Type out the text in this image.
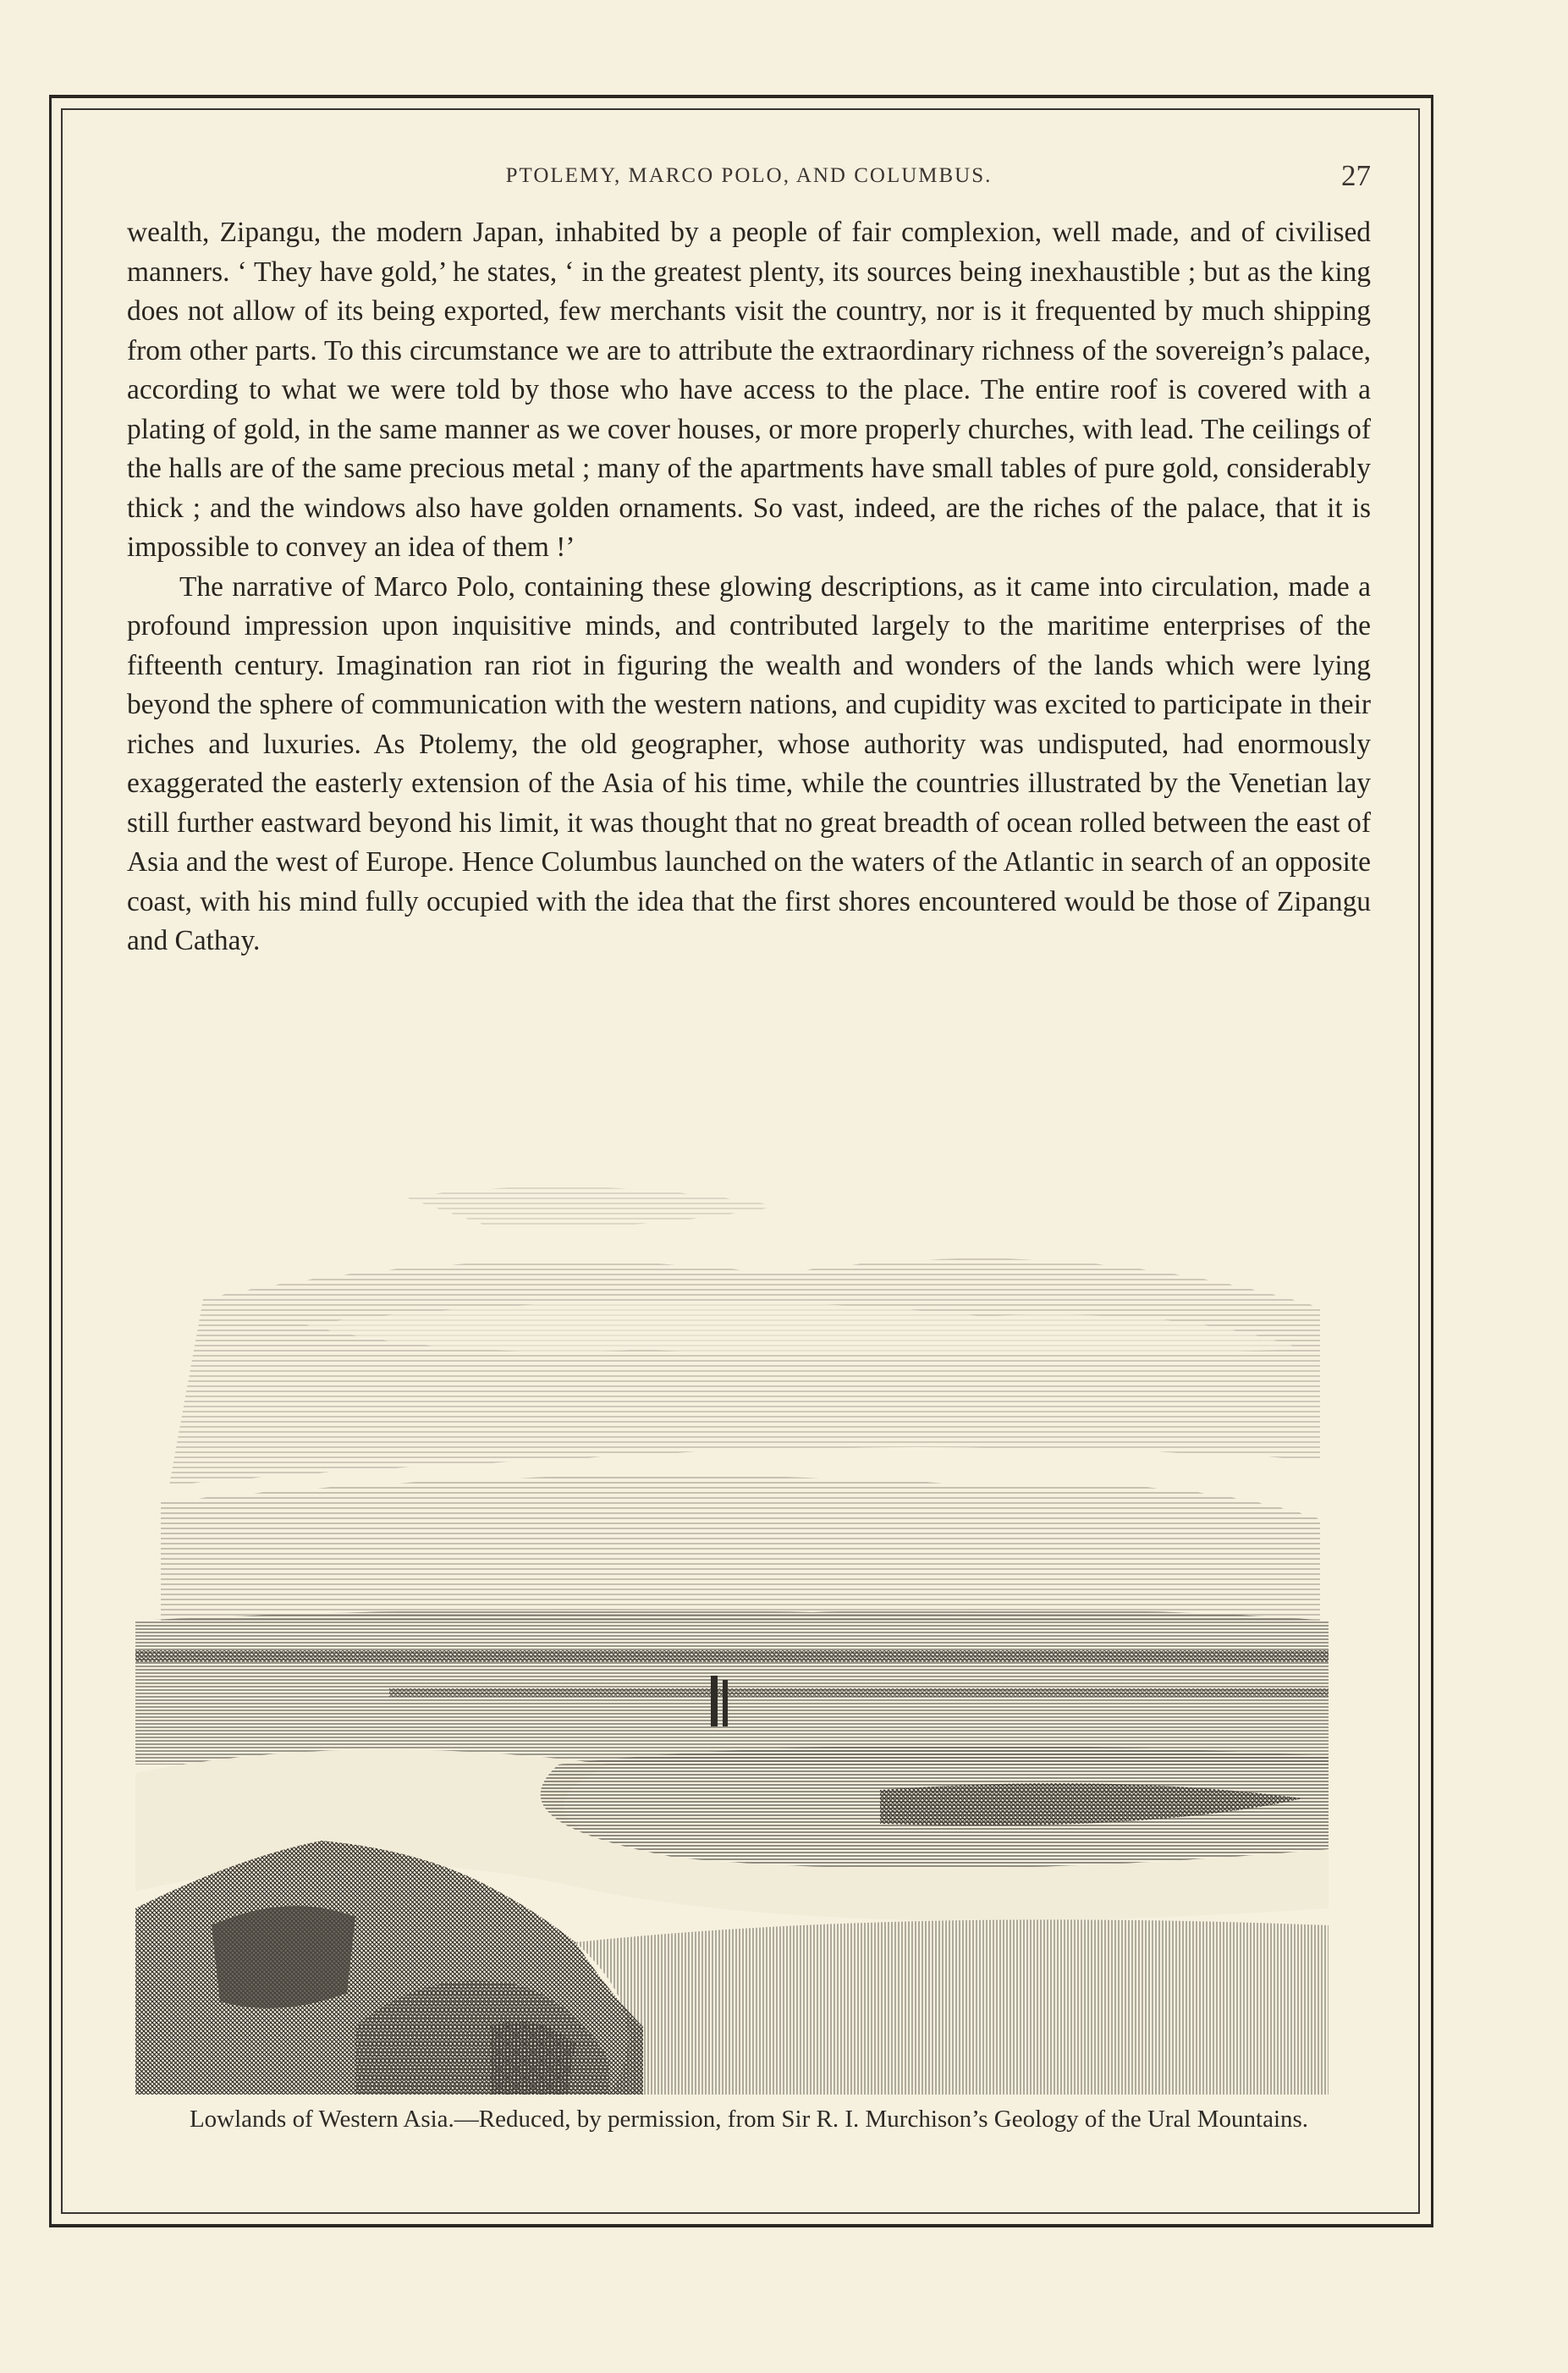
PTOLEMY, MARCO POLO, AND COLUMBUS.	27

wealth, Zipangu, the modern Japan, inhabited by a people of fair complexion, well made, and of civilised manners. ‘ They have gold,’ he states, ‘ in the greatest plenty, its sources being inexhaustible ; but as the king does not allow of its being exported, few merchants visit the country, nor is it frequented by much shipping from other parts. To this circumstance we are to attribute the extraordinary richness of the sovereign’s palace, according to what we were told by those who have access to the place. The entire roof is covered with a plating of gold, in the same manner as we cover houses, or more properly churches, with lead. The ceilings of the halls are of the same precious metal ; many of the apartments have small tables of pure gold, considerably thick ; and the windows also have golden ornaments. So vast, indeed, are the riches of the palace, that it is impossible to convey an idea of them !’

The narrative of Marco Polo, containing these glowing descriptions, as it came into circulation, made a profound impression upon inquisitive minds, and contributed largely to the maritime enterprises of the fifteenth century. Imagination ran riot in figuring the wealth and wonders of the lands which were lying beyond the sphere of communication with the western nations, and cupidity was excited to participate in their riches and luxuries. As Ptolemy, the old geographer, whose authority was undisputed, had enormously exaggerated the easterly extension of the Asia of his time, while the countries illustrated by the Venetian lay still further eastward beyond his limit, it was thought that no great breadth of ocean rolled between the east of Asia and the west of Europe. Hence Columbus launched on the waters of the Atlantic in search of an opposite coast, with his mind fully occupied with the idea that the first shores encountered would be those of Zipangu and Cathay.

Lowlands of Western Asia.—Reduced, by permission, from Sir R. I. Murchison’s Geology of the Ural Mountains.
